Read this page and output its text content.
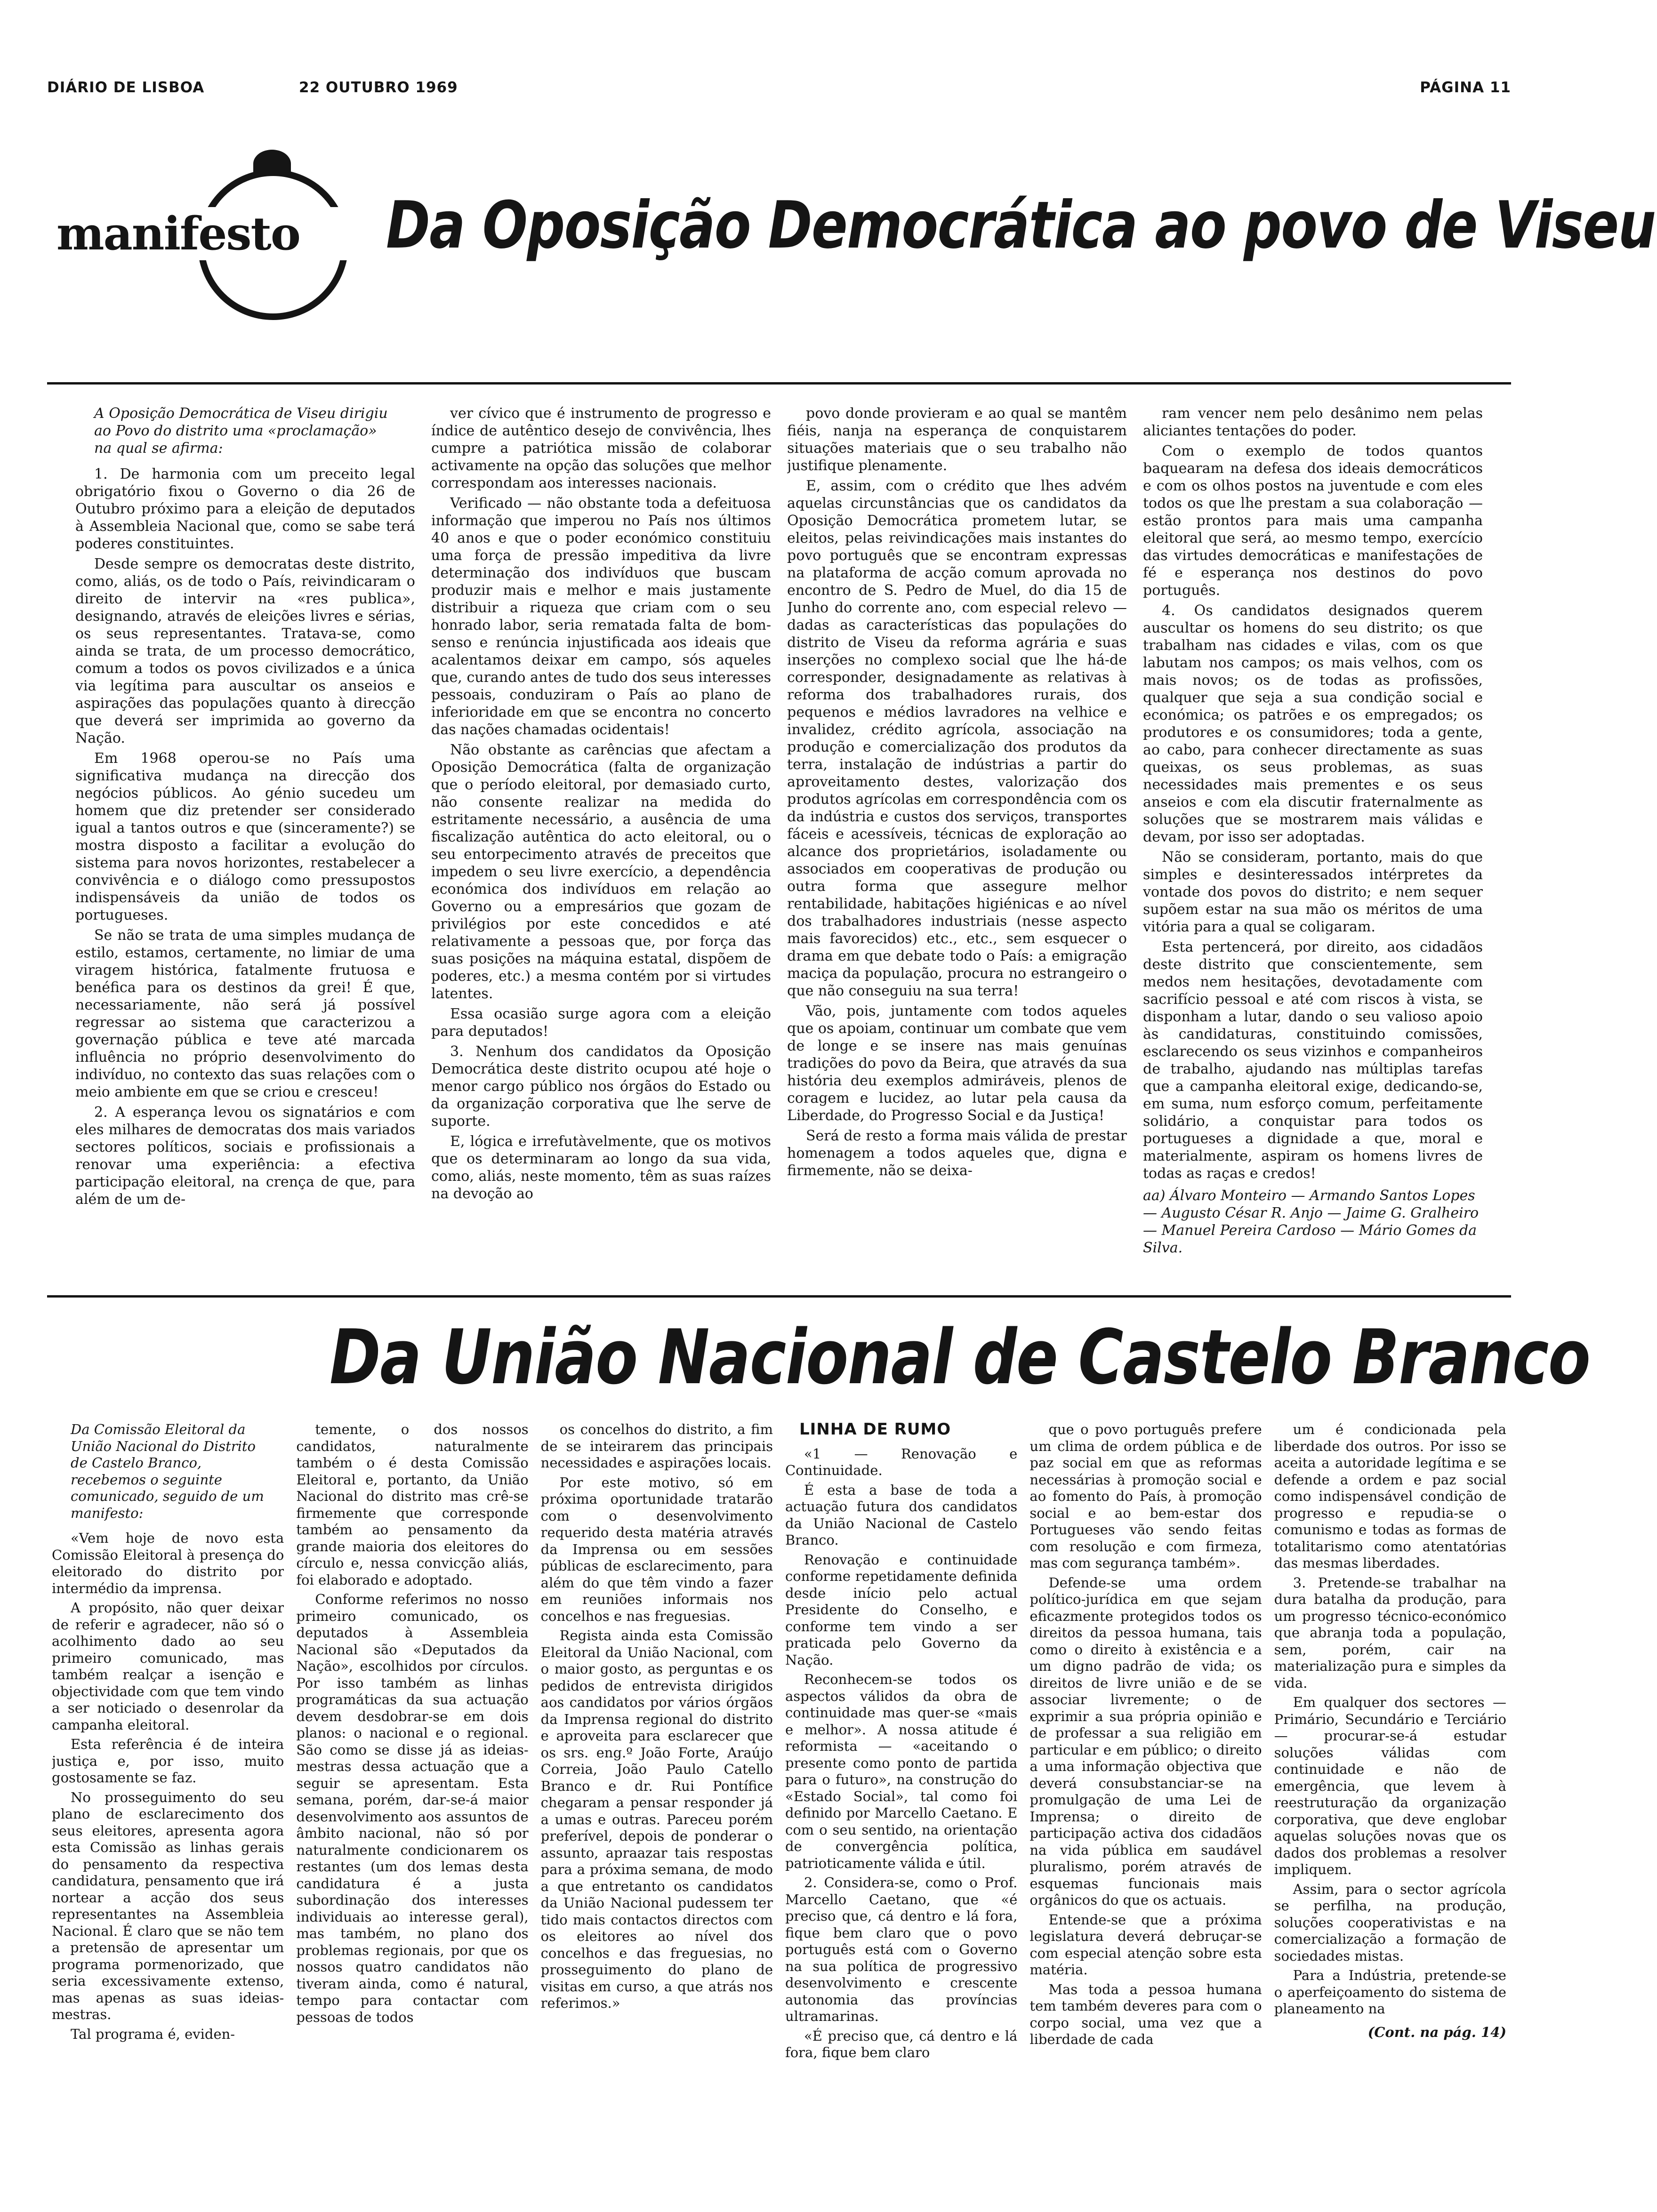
DIÁRIO DE LISBOA	22 OUTUBRO 1969	PÁGINA 11
manifesto	Da Oposição Democrática ao povo de Viseu

A Oposição Democrática de Viseu dirigiu ao Povo do distrito uma «proclamação» na qual se afirma:

1. De harmonia com um preceito legal obrigatório fixou o Governo o dia 26 de Outubro próximo para a eleição de deputados à Assembleia Nacional que, como se sabe terá poderes constituintes.

Desde sempre os democratas deste distrito, como, aliás, os de todo o País, reivindicaram o direito de intervir na «res publica», designando, através de eleições livres e sérias, os seus representantes. Tratava-se, como ainda se trata, de um processo democrático, comum a todos os povos civilizados e a única via legítima para auscultar os anseios e aspirações das populações quanto à direcção que deverá ser imprimida ao governo da Nação.

Em 1968 operou-se no País uma significativa mudança na direcção dos negócios públicos. Ao génio sucedeu um homem que diz pretender ser considerado igual a tantos outros e que (sinceramente?) se mostra disposto a facilitar a evolução do sistema para novos horizontes, restabelecer a convivência e o diálogo como pressupostos indispensáveis da união de todos os portugueses.

Se não se trata de uma simples mudança de estilo, estamos, certamente, no limiar de uma viragem histórica, fatalmente frutuosa e benéfica para os destinos da grei! É que, necessariamente, não será já possível regressar ao sistema que caracterizou a governação pública e teve até marcada influência no próprio desenvolvimento do indivíduo, no contexto das suas relações com o meio ambiente em que se criou e cresceu!

2. A esperança levou os signatários e com eles milhares de democratas dos mais variados sectores políticos, sociais e profissionais a renovar uma experiência: a efectiva participação eleitoral, na crença de que, para além de um de-

ver cívico que é instrumento de progresso e índice de autêntico desejo de convivência, lhes cumpre a patriótica missão de colaborar activamente na opção das soluções que melhor correspondam aos interesses nacionais.

Verificado — não obstante toda a defeituosa informação que imperou no País nos últimos 40 anos e que o poder económico constituiu uma força de pressão impeditiva da livre determinação dos indivíduos que buscam produzir mais e melhor e mais justamente distribuir a riqueza que criam com o seu honrado labor, seria rematada falta de bom-senso e renúncia injustificada aos ideais que acalentamos deixar em campo, sós aqueles que, curando antes de tudo dos seus interesses pessoais, conduziram o País ao plano de inferioridade em que se encontra no concerto das nações chamadas ocidentais!

Não obstante as carências que afectam a Oposição Democrática (falta de organização que o período eleitoral, por demasiado curto, não consente realizar na medida do estritamente necessário, a ausência de uma fiscalização autêntica do acto eleitoral, ou o seu entorpecimento através de preceitos que impedem o seu livre exercício, a dependência económica dos indivíduos em relação ao Governo ou a empresários que gozam de privilégios por este concedidos e até relativamente a pessoas que, por força das suas posições na máquina estatal, dispõem de poderes, etc.) a mesma contém por si virtudes latentes.

Essa ocasião surge agora com a eleição para deputados!

3. Nenhum dos candidatos da Oposição Democrática deste distrito ocupou até hoje o menor cargo público nos órgãos do Estado ou da organização corporativa que lhe serve de suporte.

E, lógica e irrefutàvelmente, que os motivos que os determinaram ao longo da sua vida, como, aliás, neste momento, têm as suas raízes na devoção ao

povo donde provieram e ao qual se mantêm fiéis, nanja na esperança de conquistarem situações materiais que o seu trabalho não justifique plenamente.

E, assim, com o crédito que lhes advém aquelas circunstâncias que os candidatos da Oposição Democrática prometem lutar, se eleitos, pelas reivindicações mais instantes do povo português que se encontram expressas na plataforma de acção comum aprovada no encontro de S. Pedro de Muel, do dia 15 de Junho do corrente ano, com especial relevo — dadas as características das populações do distrito de Viseu da reforma agrária e suas inserções no complexo social que lhe há-de corresponder, designadamente as relativas à reforma dos trabalhadores rurais, dos pequenos e médios lavradores na velhice e invalidez, crédito agrícola, associação na produção e comercialização dos produtos da terra, instalação de indústrias a partir do aproveitamento destes, valorização dos produtos agrícolas em correspondência com os da indústria e custos dos serviços, transportes fáceis e acessíveis, técnicas de exploração ao alcance dos proprietários, isoladamente ou associados em cooperativas de produção ou outra forma que assegure melhor rentabilidade, habitações higiénicas e ao nível dos trabalhadores industriais (nesse aspecto mais favorecidos) etc., etc., sem esquecer o drama em que debate todo o País: a emigração maciça da população, procura no estrangeiro o que não conseguiu na sua terra!

Vão, pois, juntamente com todos aqueles que os apoiam, continuar um combate que vem de longe e se insere nas mais genuínas tradições do povo da Beira, que através da sua história deu exemplos admiráveis, plenos de coragem e lucidez, ao lutar pela causa da Liberdade, do Progresso Social e da Justiça!

Será de resto a forma mais válida de prestar homenagem a todos aqueles que, digna e firmemente, não se deixa-

ram vencer nem pelo desânimo nem pelas aliciantes tentações do poder.

Com o exemplo de todos quantos baquearam na defesa dos ideais democráticos e com os olhos postos na juventude e com eles todos os que lhe prestam a sua colaboração — estão prontos para mais uma campanha eleitoral que será, ao mesmo tempo, exercício das virtudes democráticas e manifestações de fé e esperança nos destinos do povo português.

4. Os candidatos designados querem auscultar os homens do seu distrito; os que trabalham nas cidades e vilas, com os que labutam nos campos; os mais velhos, com os mais novos; os de todas as profissões, qualquer que seja a sua condição social e económica; os patrões e os empregados; os produtores e os consumidores; toda a gente, ao cabo, para conhecer directamente as suas queixas, os seus problemas, as suas necessidades mais prementes e os seus anseios e com ela discutir fraternalmente as soluções que se mostrarem mais válidas e devam, por isso ser adoptadas.

Não se consideram, portanto, mais do que simples e desinteressados intérpretes da vontade dos povos do distrito; e nem sequer supõem estar na sua mão os méritos de uma vitória para a qual se coligaram.

Esta pertencerá, por direito, aos cidadãos deste distrito que conscientemente, sem medos nem hesitações, devotadamente com sacrifício pessoal e até com riscos à vista, se disponham a lutar, dando o seu valioso apoio às candidaturas, constituindo comissões, esclarecendo os seus vizinhos e companheiros de trabalho, ajudando nas múltiplas tarefas que a campanha eleitoral exige, dedicando-se, em suma, num esforço comum, perfeitamente solidário, a conquistar para todos os portugueses a dignidade a que, moral e materialmente, aspiram os homens livres de todas as raças e credos!

aa) Álvaro Monteiro — Armando Santos Lopes — Augusto César R. Anjo — Jaime G. Gralheiro — Manuel Pereira Cardoso — Mário Gomes da Silva.

Da União Nacional de Castelo Branco

Da Comissão Eleitoral da União Nacional do Distrito de Castelo Branco, recebemos o seguinte comunicado, seguido de um manifesto:

«Vem hoje de novo esta Comissão Eleitoral à presença do eleitorado do distrito por intermédio da imprensa.

A propósito, não quer deixar de referir e agradecer, não só o acolhimento dado ao seu primeiro comunicado, mas também realçar a isenção e objectividade com que tem vindo a ser noticiado o desenrolar da campanha eleitoral.

Esta referência é de inteira justiça e, por isso, muito gostosamente se faz.

No prosseguimento do seu plano de esclarecimento dos seus eleitores, apresenta agora esta Comissão as linhas gerais do pensamento da respectiva candidatura, pensamento que irá nortear a acção dos seus representantes na Assembleia Nacional. É claro que se não tem a pretensão de apresentar um programa pormenorizado, que seria excessivamente extenso, mas apenas as suas ideias-mestras.

Tal programa é, eviden-

temente, o dos nossos candidatos, naturalmente também o é desta Comissão Eleitoral e, portanto, da União Nacional do distrito mas crê-se firmemente que corresponde também ao pensamento da grande maioria dos eleitores do círculo e, nessa convicção aliás, foi elaborado e adoptado.

Conforme referimos no nosso primeiro comunicado, os deputados à Assembleia Nacional são «Deputados da Nação», escolhidos por círculos. Por isso também as linhas programáticas da sua actuação devem desdobrar-se em dois planos: o nacional e o regional. São como se disse já as ideias-mestras dessa actuação que a seguir se apresentam. Esta semana, porém, dar-se-á maior desenvolvimento aos assuntos de âmbito nacional, não só por naturalmente condicionarem os restantes (um dos lemas desta candidatura é a justa subordinação dos interesses individuais ao interesse geral), mas também, no plano dos problemas regionais, por que os nossos quatro candidatos não tiveram ainda, como é natural, tempo para contactar com pessoas de todos

os concelhos do distrito, a fim de se inteirarem das principais necessidades e aspirações locais.

Por este motivo, só em próxima oportunidade tratarão com o desenvolvimento requerido desta matéria através da Imprensa ou em sessões públicas de esclarecimento, para além do que têm vindo a fazer em reuniões informais nos concelhos e nas freguesias.

Regista ainda esta Comissão Eleitoral da União Nacional, com o maior gosto, as perguntas e os pedidos de entrevista dirigidos aos candidatos por vários órgãos da Imprensa regional do distrito e aproveita para esclarecer que os srs. eng.º João Forte, Araújo Correia, João Paulo Catello Branco e dr. Rui Pontífice chegaram a pensar responder já a umas e outras. Pareceu porém preferível, depois de ponderar o assunto, apraazar tais respostas para a próxima semana, de modo a que entretanto os candidatos da União Nacional pudessem ter tido mais contactos directos com os eleitores ao nível dos concelhos e das freguesias, no prosseguimento do plano de visitas em curso, a que atrás nos referimos.»

LINHA DE RUMO

«1 — Renovação e Continuidade.

É esta a base de toda a actuação futura dos candidatos da União Nacional de Castelo Branco.

Renovação e continuidade conforme repetidamente definida desde início pelo actual Presidente do Conselho, e conforme tem vindo a ser praticada pelo Governo da Nação.

Reconhecem-se todos os aspectos válidos da obra de continuidade mas quer-se «mais e melhor». A nossa atitude é reformista — «aceitando o presente como ponto de partida para o futuro», na construção do «Estado Social», tal como foi definido por Marcello Caetano. E com o seu sentido, na orientação de convergência política, patrioticamente válida e útil.

2. Considera-se, como o Prof. Marcello Caetano, que «é preciso que, cá dentro e lá fora, fique bem claro que o povo português está com o Governo na sua política de progressivo desenvolvimento e crescente autonomia das províncias ultramarinas.

«É preciso que, cá dentro e lá fora, fique bem claro

que o povo português prefere um clima de ordem pública e de paz social em que as reformas necessárias à promoção social e ao fomento do País, à promoção social e ao bem-estar dos Portugueses vão sendo feitas com resolução e com firmeza, mas com segurança também».

Defende-se uma ordem político-jurídica em que sejam eficazmente protegidos todos os direitos da pessoa humana, tais como o direito à existência e a um digno padrão de vida; os direitos de livre união e de se associar livremente; o de exprimir a sua própria opinião e de professar a sua religião em particular e em público; o direito a uma informação objectiva que deverá consubstanciar-se na promulgação de uma Lei de Imprensa; o direito de participação activa dos cidadãos na vida pública em saudável pluralismo, porém através de esquemas funcionais mais orgânicos do que os actuais.

Entende-se que a próxima legislatura deverá debruçar-se com especial atenção sobre esta matéria.

Mas toda a pessoa humana tem também deveres para com o corpo social, uma vez que a liberdade de cada

um é condicionada pela liberdade dos outros. Por isso se aceita a autoridade legítima e se defende a ordem e paz social como indispensável condição de progresso e repudia-se o comunismo e todas as formas de totalitarismo como atentatórias das mesmas liberdades.

3. Pretende-se trabalhar na dura batalha da produção, para um progresso técnico-económico que abranja toda a população, sem, porém, cair na materialização pura e simples da vida.

Em qualquer dos sectores — Primário, Secundário e Terciário — procurar-se-á estudar soluções válidas com continuidade e não de emergência, que levem à reestruturação da organização corporativa, que deve englobar aquelas soluções novas que os dados dos problemas a resolver impliquem.

Assim, para o sector agrícola se perfilha, na produção, soluções cooperativistas e na comercialização a formação de sociedades mistas.

Para a Indústria, pretende-se o aperfeiçoamento do sistema de planeamento na

(Cont. na pág. 14)
